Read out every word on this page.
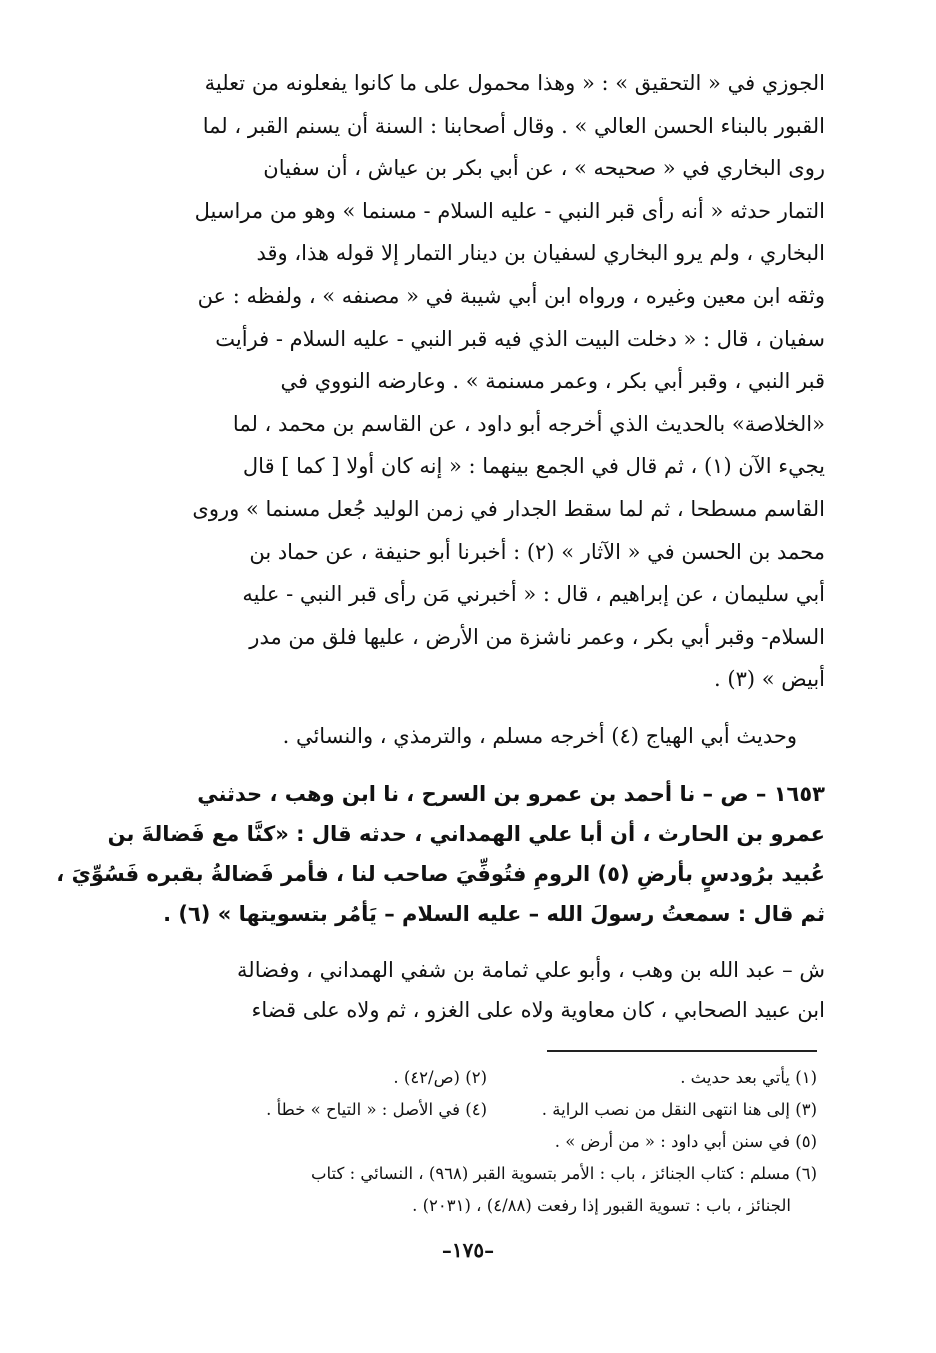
الجوزي في « التحقيق » : « وهذا محمول على ما كانوا يفعلونه من تعلية
القبور بالبناء الحسن العالي » . وقال أصحابنا : السنة أن يسنم القبر ، لما
روى البخاري في « صحيحه » ، عن أبي بكر بن عياش ، أن سفيان
التمار حدثه « أنه رأى قبر النبي - عليه السلام - مسنما » وهو من مراسيل
البخاري ، ولم يرو البخاري لسفيان بن دينار التمار إلا قوله هذا، وقد
وثقه ابن معين وغيره ، ورواه ابن أبي شيبة في « مصنفه » ، ولفظه : عن
سفيان ، قال : « دخلت البيت الذي فيه قبر النبي - عليه السلام - فرأيت
قبر النبي ، وقبر أبي بكر ، وعمر مسنمة » . وعارضه النووي في
«الخلاصة» بالحديث الذي أخرجه أبو داود ، عن القاسم بن محمد ، لما
يجيء الآن (١) ، ثم قال في الجمع بينهما : « إنه كان أولا [ كما ] قال
القاسم مسطحا ، ثم لما سقط الجدار في زمن الوليد جُعل مسنما » وروى
محمد بن الحسن في « الآثار » (٢) : أخبرنا أبو حنيفة ، عن حماد بن
أبي سليمان ، عن إبراهيم ، قال : « أخبرني مَن رأى قبر النبي - عليه
السلام- وقبر أبي بكر ، وعمر ناشزة من الأرض ، عليها فلق من مدر
أبيض » (٣) .
وحديث أبي الهياج (٤) أخرجه مسلم ، والترمذي ، والنسائي .
١٦٥٣ – ص – نا أحمد بن عمرو بن السرح ، نا ابن وهب ، حدثني
عمرو بن الحارث ، أن أبا علي الهمداني ، حدثه قال : «كنَّا مع فَضالةَ بن
عُبيد برُودسٍ بأرضِ (٥) الرومِ فتُوفِّيَ صاحب لنا ، فأمر فَضالةُ بقبره فَسُوِّيَ ،
ثم قال : سمعتُ رسولَ الله – عليه السلام – يَأمُر بتسويتها » (٦) .
ش – عبد الله بن وهب ، وأبو علي ثمامة بن شفي الهمداني ، وفضالة
ابن عبيد الصحابي ، كان معاوية ولاه على الغزو ، ثم ولاه على قضاء
(١) يأتي بعد حديث .
(٢) (ص/٤٢) .
(٣) إلى هنا انتهى النقل من نصب الراية .
(٤) في الأصل : « التياح » خطأ .
(٥) في سنن أبي داود : « من أرض » .
(٦) مسلم : كتاب الجنائز ، باب : الأمر بتسوية القبر (٩٦٨) ، النسائي : كتاب
الجنائز ، باب : تسوية القبور إذا رفعت (٤/٨٨) ، (٢٠٣١) .
–١٧٥–
